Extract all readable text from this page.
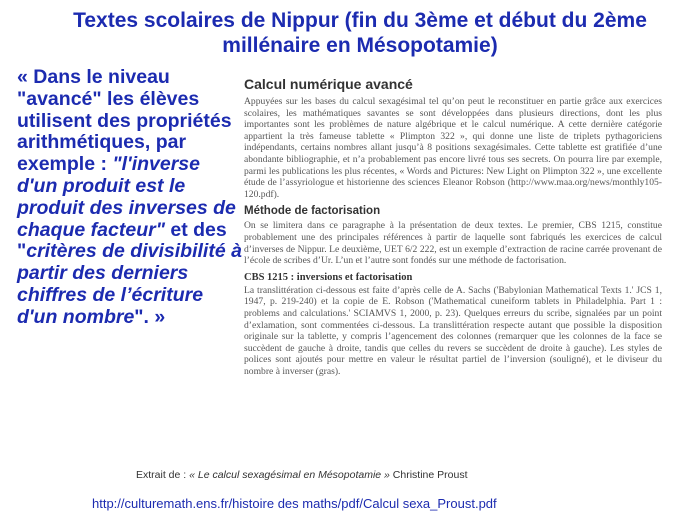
Textes scolaires de Nippur (fin du 3ème et début du 2ème millénaire en Mésopotamie)

« Dans le niveau "avancé" les élèves utilisent des propriétés arithmétiques, par exemple : "l'inverse d'un produit est le produit des inverses de chaque facteur" et des "critères de divisibilité à partir des derniers chiffres de l’écriture d'un nombre". »

Calcul numérique avancé

Appuyées sur les bases du calcul sexagésimal tel qu’on peut le reconstituer en partie grâce aux exercices scolaires, les mathématiques savantes se sont développées dans plusieurs directions, dont les plus importantes sont les problèmes de nature algébrique et le calcul numérique. A cette dernière catégorie appartient la très fameuse tablette « Plimpton 322 », qui donne une liste de triplets pythagoriciens indépendants, certains nombres allant jusqu’à 8 positions sexagésimales. Cette tablette est gratifiée d’une abondante bibliographie, et n’a probablement pas encore livré tous ses secrets. On pourra lire par exemple, parmi les publications les plus récentes, « Words and Pictures: New Light on Plimpton 322 », une excellente étude de l’assyriologue et historienne des sciences Eleanor Robson (http://www.maa.org/news/monthly105-120.pdf).

Méthode de factorisation

On se limitera dans ce paragraphe à la présentation de deux textes. Le premier, CBS 1215, constitue probablement une des principales références à partir de laquelle sont fabriqués les exercices de calcul d’inverses de Nippur. Le deuxième, UET 6/2 222, est un exemple d’extraction de racine carrée provenant de l’école de scribes d’Ur. L’un et l’autre sont fondés sur une méthode de factorisation.

CBS 1215 : inversions et factorisation

La translittération ci-dessous est faite d’après celle de A. Sachs ('Babylonian Mathematical Texts 1.' JCS 1, 1947, p. 219-240) et la copie de E. Robson ('Mathematical cuneiform tablets in Philadelphia. Part 1 : problems and calculations.' SCIAMVS 1, 2000, p. 23). Quelques erreurs du scribe, signalées par un point d’exlamation, sont commentées ci-dessous. La translittération respecte autant que possible la disposition originale sur la tablette, y compris l’agencement des colonnes (remarquer que les colonnes de la face se succèdent de gauche à droite, tandis que celles du revers se succèdent de droite à gauche). Les styles de polices sont ajoutés pour mettre en valeur le résultat partiel de l’inversion (souligné), et le diviseur du nombre à inverser (gras).

Extrait de : « Le calcul sexagésimal en Mésopotamie » Christine Proust

http://culturemath.ens.fr/histoire des maths/pdf/Calcul sexa_Proust.pdf
